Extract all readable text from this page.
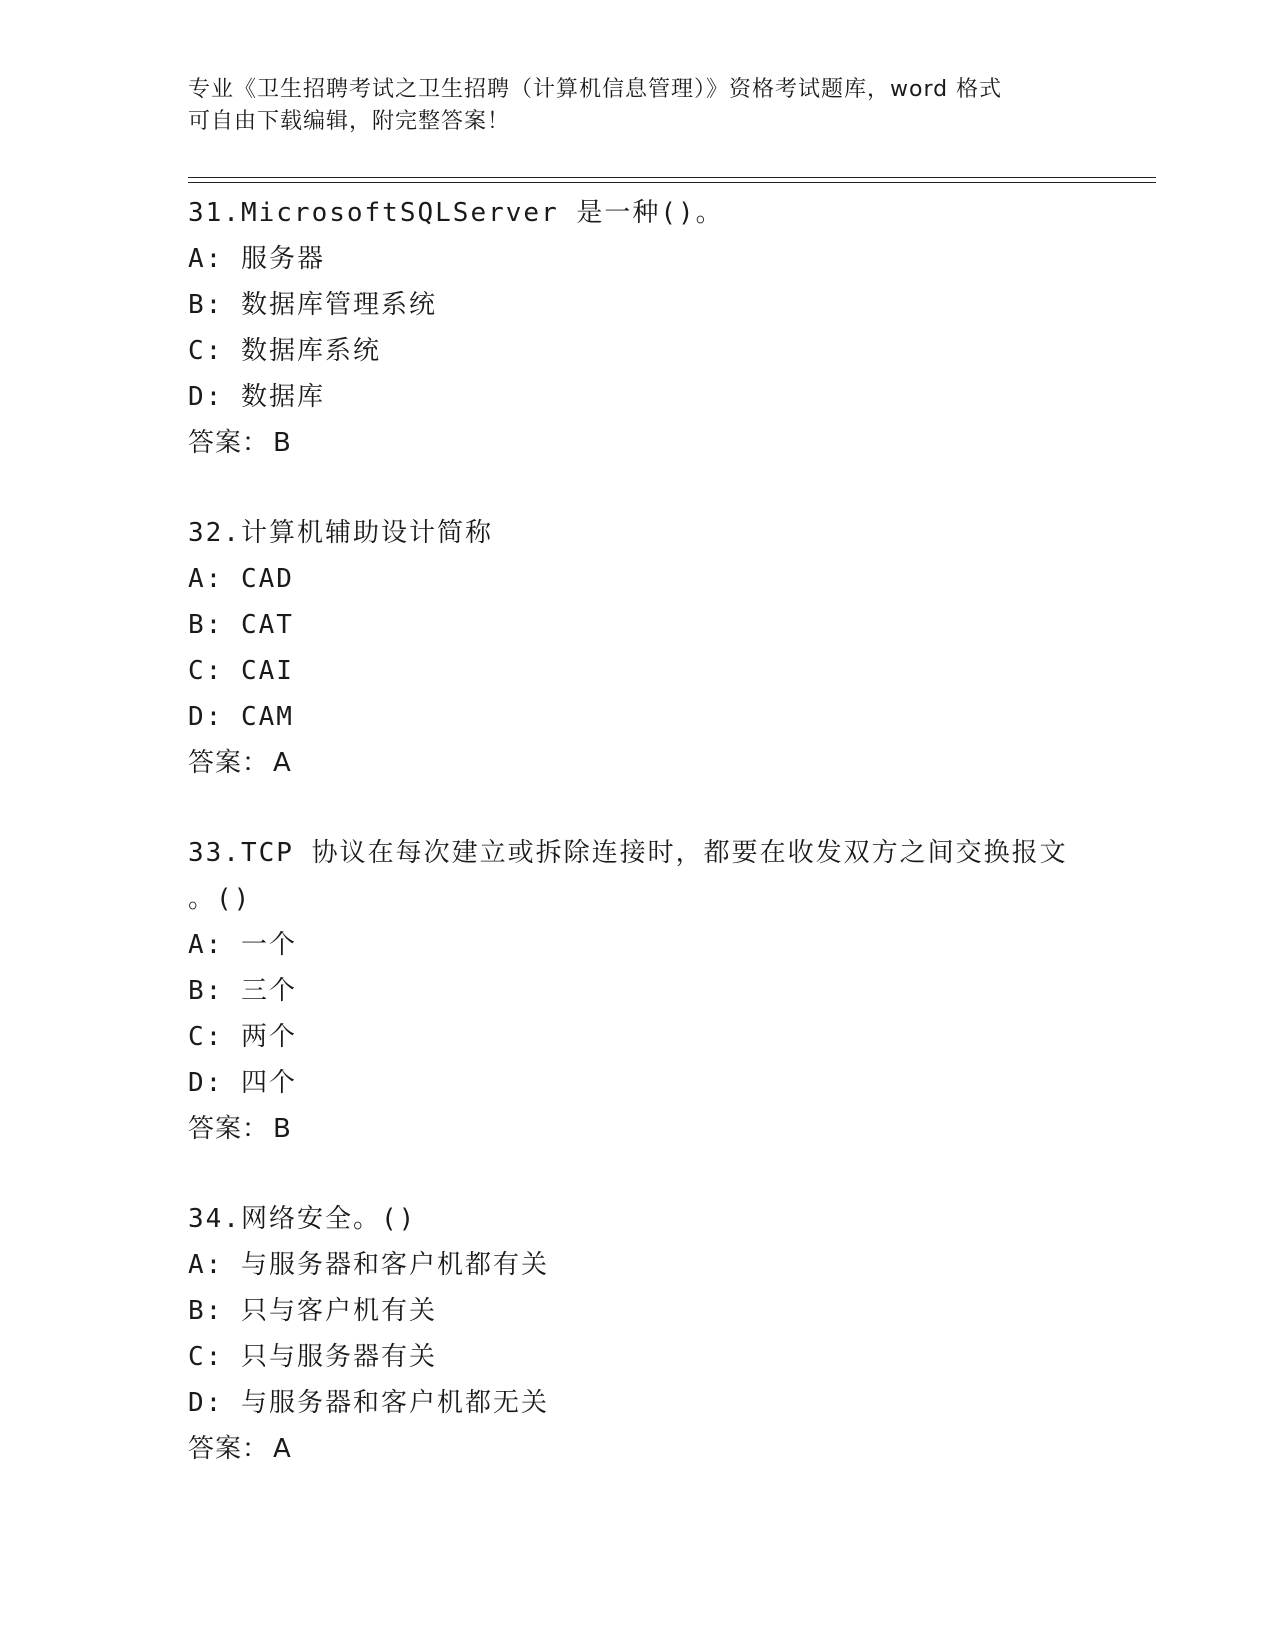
专业《卫生招聘考试之卫生招聘（计算机信息管理）》资格考试题库，word 格式
可自由下载编辑，附完整答案！
31.MicrosoftSQLServer 是一种()。
A: 服务器
B: 数据库管理系统
C: 数据库系统
D: 数据库
答案： B
32.计算机辅助设计简称
A: CAD
B: CAT
C: CAI
D: CAM
答案： A
33.TCP 协议在每次建立或拆除连接时，都要在收发双方之间交换报文
。()
A: 一个
B: 三个
C: 两个
D: 四个
答案： B
34.网络安全。()
A: 与服务器和客户机都有关
B: 只与客户机有关
C: 只与服务器有关
D: 与服务器和客户机都无关
答案： A
